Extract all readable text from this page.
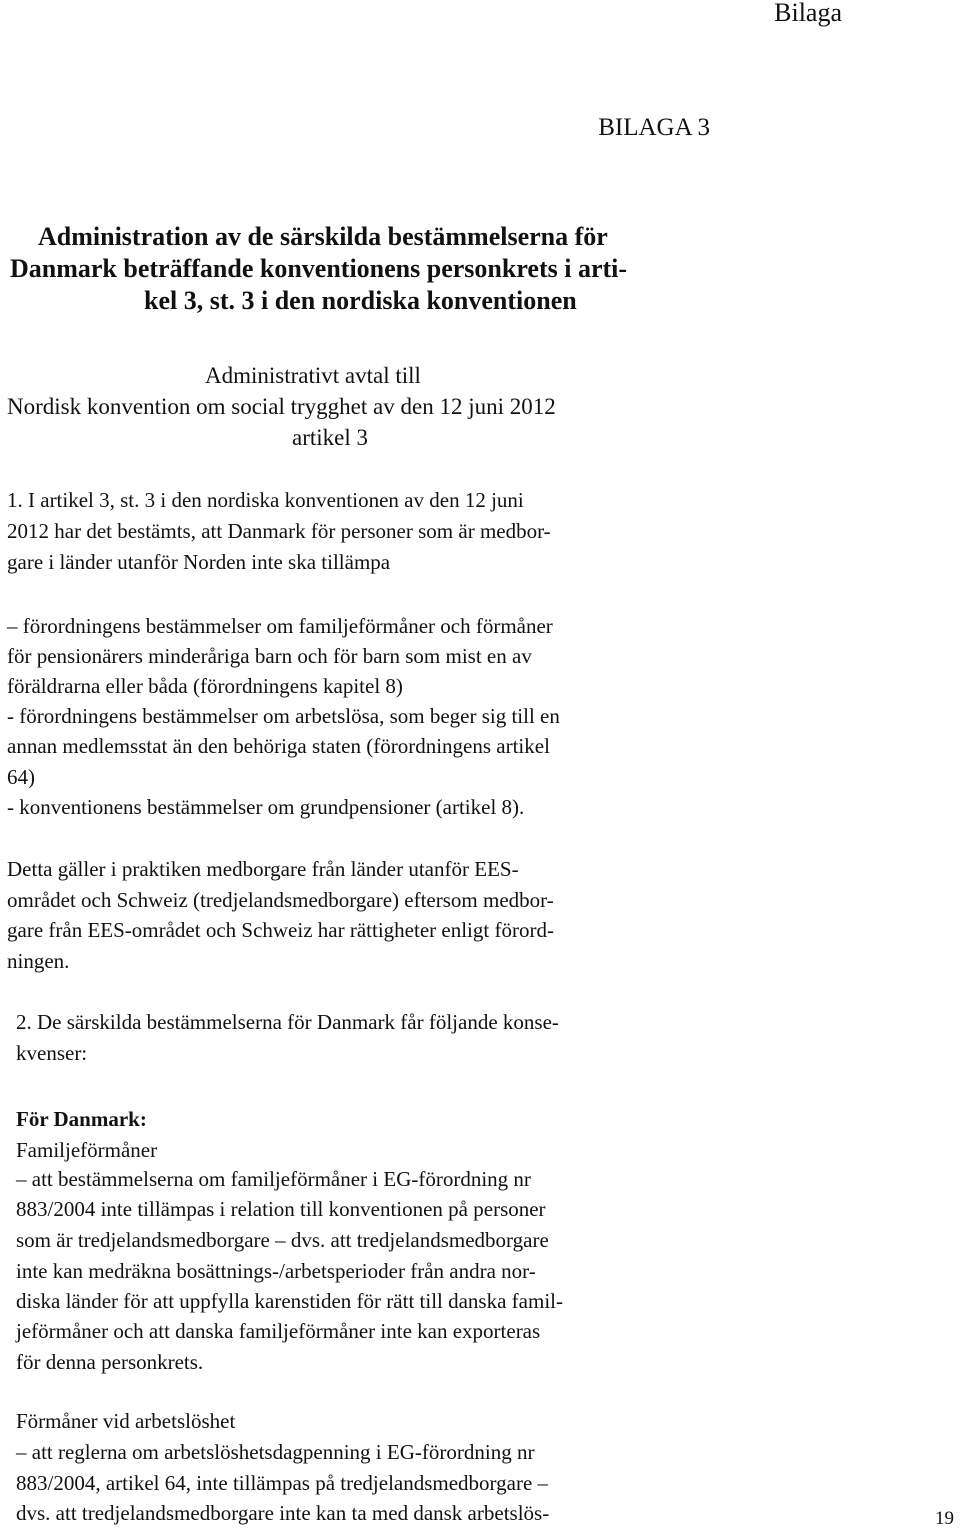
Bilaga
BILAGA 3
Administration av de särskilda bestämmelserna för
Danmark beträffande konventionens personkrets i arti-
kel 3, st. 3 i den nordiska konventionen
Administrativt avtal till
Nordisk konvention om social trygghet av den 12 juni 2012
artikel 3
1. I artikel 3, st. 3 i den nordiska konventionen av den 12 juni
2012 har det bestämts, att Danmark för personer som är medbor-
gare i länder utanför Norden inte ska tillämpa
– förordningens bestämmelser om familjeförmåner och förmåner
för pensionärers minderåriga barn och för barn som mist en av
föräldrarna eller båda (förordningens kapitel 8)
- förordningens bestämmelser om arbetslösa, som beger sig till en
annan medlemsstat än den behöriga staten (förordningens artikel
64)
- konventionens bestämmelser om grundpensioner (artikel 8).
Detta gäller i praktiken medborgare från länder utanför EES-
området och Schweiz (tredjelandsmedborgare) eftersom medbor-
gare från EES-området och Schweiz har rättigheter enligt förord-
ningen.
2. De särskilda bestämmelserna för Danmark får följande konse-
kvenser:
För Danmark:
Familjeförmåner
– att bestämmelserna om familjeförmåner i EG-förordning nr
883/2004 inte tillämpas i relation till konventionen på personer
som är tredjelandsmedborgare – dvs. att tredjelandsmedborgare
inte kan medräkna bosättnings-/arbetsperioder från andra nor-
diska länder för att uppfylla karenstiden för rätt till danska famil-
jeförmåner och att danska familjeförmåner inte kan exporteras
för denna personkrets.
Förmåner vid arbetslöshet
– att reglerna om arbetslöshetsdagpenning i EG-förordning nr
883/2004, artikel 64, inte tillämpas på tredjelandsmedborgare –
dvs. att tredjelandsmedborgare inte kan ta med dansk arbetslös-	19
